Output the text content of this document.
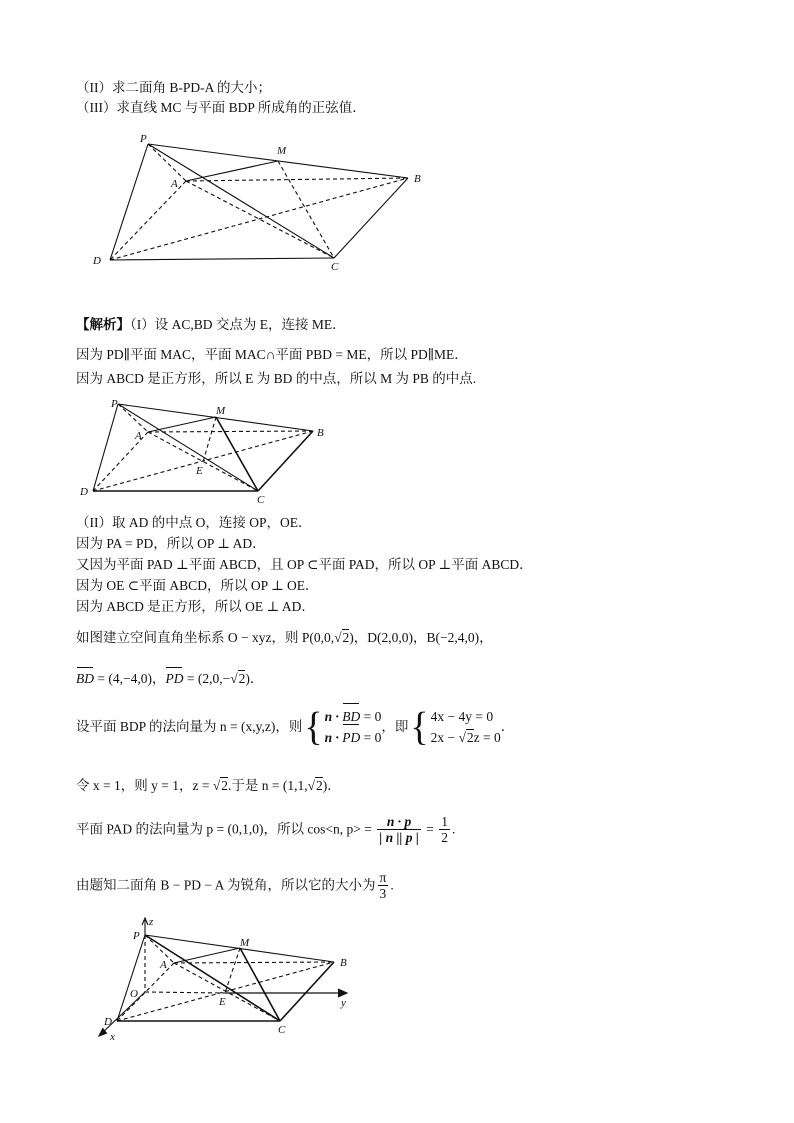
（II）求二面角 B-PD-A 的大小；
（III）求直线 MC 与平面 BDP 所成角的正弦值．
P
M
A	B
D	C
【解析】（I）设 AC,BD 交点为 E，连接 ME．
因为 PD∥平面 MAC，平面 MAC∩平面 PBD = ME，所以 PD∥ME．
因为 ABCD 是正方形，所以 E 为 BD 的中点，所以 M 为 PB 的中点.
P
M
A	B
E
D
C
（II）取 AD 的中点 O，连接 OP，OE．
因为 PA = PD，所以 OP ⊥ AD．
又因为平面 PAD ⊥平面 ABCD，且 OP ⊂平面 PAD，所以 OP ⊥平面 ABCD．
因为 OE ⊂平面 ABCD，所以 OP ⊥ OE．
因为 ABCD 是正方形，所以 OE ⊥ AD．
如图建立空间直角坐标系 O − xyz，则 P(0,0,√2)，D(2,0,0)，B(−2,4,0)，
BD = (4,−4,0)，PD = (2,0,−√2)．
设平面 BDP 的法向量为 n = (x,y,z)，则{ n · BD = 0
n · PD = 0
，即{ 4x − 4y = 0
2x − √2z = 0
．
令 x = 1，则 y = 1，z = √2.于是 n = (1,1,√2)．
平面 PAD 的法向量为 p = (0,1,0)，所以 cos<n, $p> = \frac{n \cdot p}{| n || p |} = \frac{1}{2}$ .
由题知二面角 B − PD − A 为锐角，所以它的大小为 $\frac{\pi}{3}$ .
z
P
M
A	B
O
E	y
D
x
C
